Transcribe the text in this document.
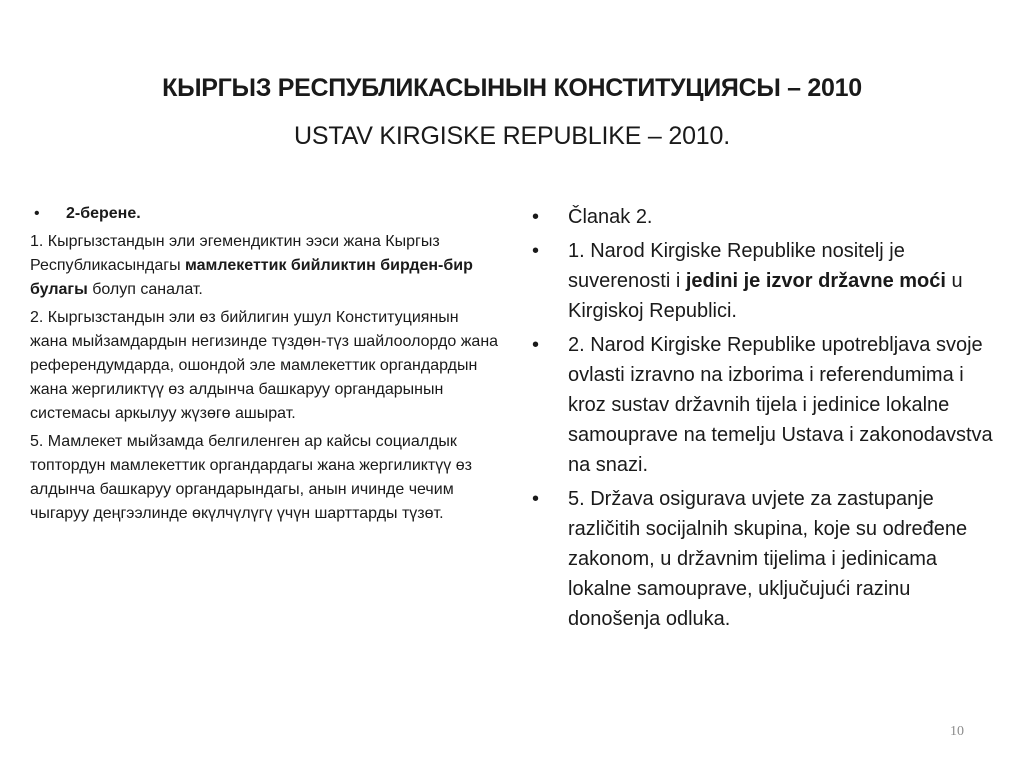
КЫРГЫЗ РЕСПУБЛИКАСЫНЫН КОНСТИТУЦИЯСЫ – 2010

USTAV KIRGISKE REPUBLIKE – 2010.

•	2-берене.

1. Кыргызстандын эли эгемендиктин ээси жана Кыргыз Республикасындагы мамлекеттик бийликтин бирден-бир булагы болуп саналат.

2. Кыргызстандын эли өз бийлигин ушул Конституциянын жана мыйзамдардын негизинде түздөн-түз шайлоолордо жана референдумдарда, ошондой эле мамлекеттик органдардын жана жергиликтүү өз алдынча башкаруу органдарынын системасы аркылуу жүзөгө ашырат.

5. Мамлекет мыйзамда белгиленген ар кайсы социалдык топтордун мамлекеттик органдардагы жана жергиликтүү өз алдынча башкаруу органдарындагы, анын ичинде чечим чыгаруу деңгээлинде өкүлчүлүгү үчүн шарттарды түзөт.

•	Članak 2.
•	1. Narod Kirgiske Republike nositelj je suverenosti i jedini je izvor državne moći u Kirgiskoj Republici.
•	2. Narod Kirgiske Republike upotrebljava svoje ovlasti izravno na izborima i referendumima i kroz sustav državnih tijela i jedinice lokalne samouprave na temelju Ustava i zakonodavstva na snazi.
•	5. Država osigurava uvjete za zastupanje različitih socijalnih skupina, koje su određene zakonom, u državnim tijelima i jedinicama lokalne samouprave, uključujući razinu donošenja odluka.
10
